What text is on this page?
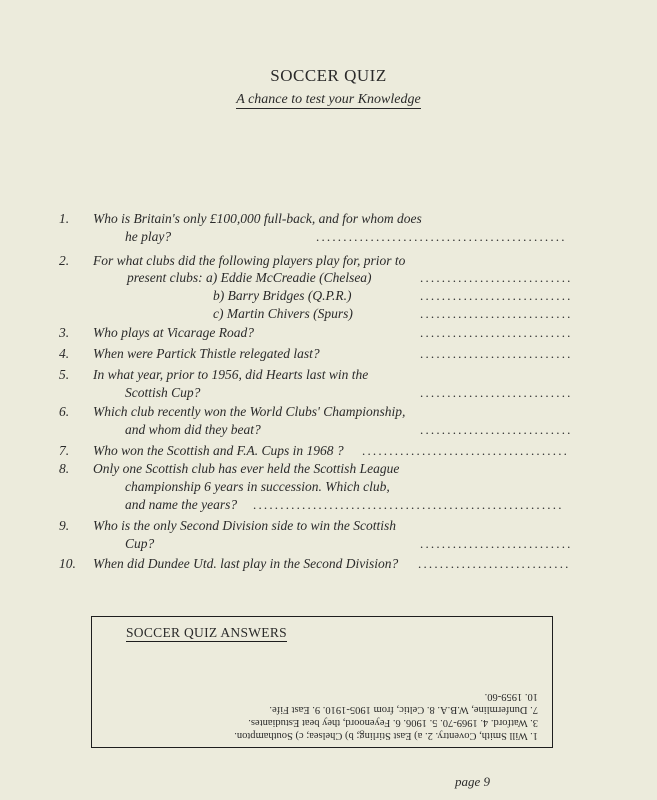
SOCCER QUIZ
A chance to test your Knowledge
1. Who is Britain's only £100,000 full-back, and for whom does
he play?	..............................................
2. For what clubs did the following players play for, prior to
present clubs: a) Eddie McCreadie (Chelsea)	............................
b) Barry Bridges (Q.P.R.)	............................
c) Martin Chivers (Spurs)	............................
3. Who plays at Vicarage Road?	............................
4. When were Partick Thistle relegated last?	............................
5. In what year, prior to 1956, did Hearts last win the
Scottish Cup?	............................
6. Which club recently won the World Clubs' Championship,
and whom did they beat?	............................
7. Who won the Scottish and F.A. Cups in 1968 ? ......................................
8. Only one Scottish club has ever held the Scottish League
championship 6 years in succession. Which club,
and name the years? .........................................................
9. Who is the only Second Division side to win the Scottish
Cup?	............................
10. When did Dundee Utd. last play in the Second Division? ............................
SOCCER QUIZ ANSWERS
1. Will Smith, Coventry. 2. a) East Stirling; b) Chelsea; c) Southampton.
3. Watford. 4. 1969-70. 5. 1906. 6. Feyenoord, they beat Estudiantes.
7. Dunfermline, W.B.A. 8. Celtic, from 1905-1910. 9. East Fife.
10. 1959-60.
page 9
